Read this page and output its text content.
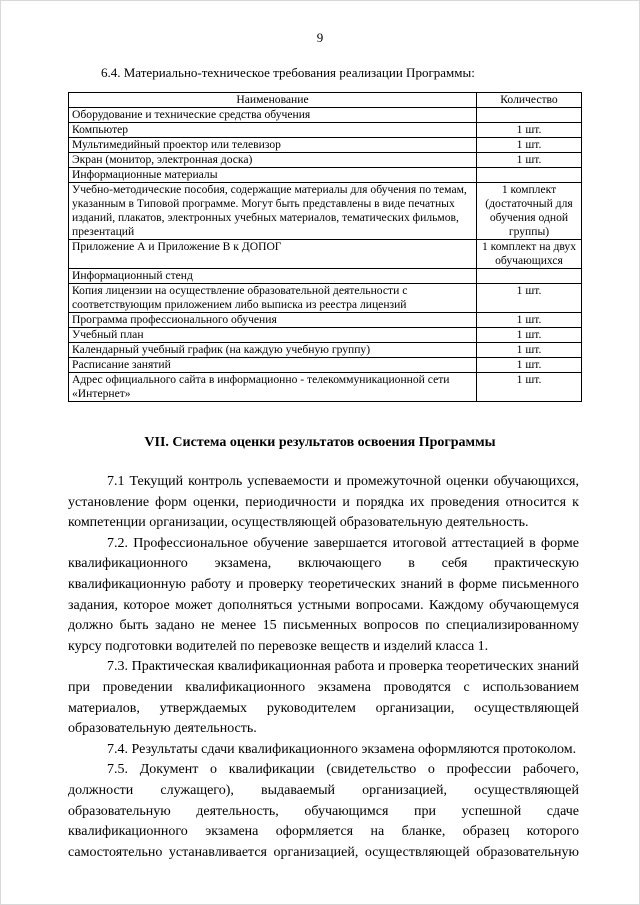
9
6.4. Материально-техническое требования реализации Программы:
Наименование	Количество
Оборудование и технические средства обучения	
Компьютер	1 шт.
Мультимедийный проектор или телевизор	1 шт.
Экран (монитор, электронная доска)	1 шт.
Информационные материалы	
Учебно-методические пособия, содержащие материалы для обучения по темам, указанным в Типовой программе. Могут быть представлены в виде печатных изданий, плакатов, электронных учебных материалов, тематических фильмов, презентаций	1 комплект (достаточный для обучения одной группы)
Приложение А и Приложение В к ДОПОГ	1 комплект на двух обучающихся
Информационный стенд	
Копия лицензии на осуществление образовательной деятельности с соответствующим приложением либо выписка из реестра лицензий	1 шт.
Программа профессионального обучения	1 шт.
Учебный план	1 шт.
Календарный учебный график (на каждую учебную группу)	1 шт.
Расписание занятий	1 шт.
Адрес официального сайта в информационно - телекоммуникационной сети «Интернет»	1 шт.
VII. Система оценки результатов освоения Программы

7.1 Текущий контроль успеваемости и промежуточной оценки обучающихся, установление форм оценки, периодичности и порядка их проведения относится к компетенции организации, осуществляющей образовательную деятельность.

7.2. Профессиональное обучение завершается итоговой аттестацией в форме квалификационного экзамена, включающего в себя практическую квалификационную работу и проверку теоретических знаний в форме письменного задания, которое может дополняться устными вопросами. Каждому обучающемуся должно быть задано не менее 15 письменных вопросов по специализированному курсу подготовки водителей по перевозке веществ и изделий класса 1.

7.3. Практическая квалификационная работа и проверка теоретических знаний при проведении квалификационного экзамена проводятся с использованием материалов, утверждаемых руководителем организации, осуществляющей образовательную деятельность.

7.4. Результаты сдачи квалификационного экзамена оформляются протоколом.

7.5. Документ о квалификации (свидетельство о профессии рабочего, должности служащего), выдаваемый организацией, осуществляющей образовательную деятельность, обучающимся при успешной сдаче квалификационного экзамена оформляется на бланке, образец которого самостоятельно устанавливается организацией, осуществляющей образовательную
